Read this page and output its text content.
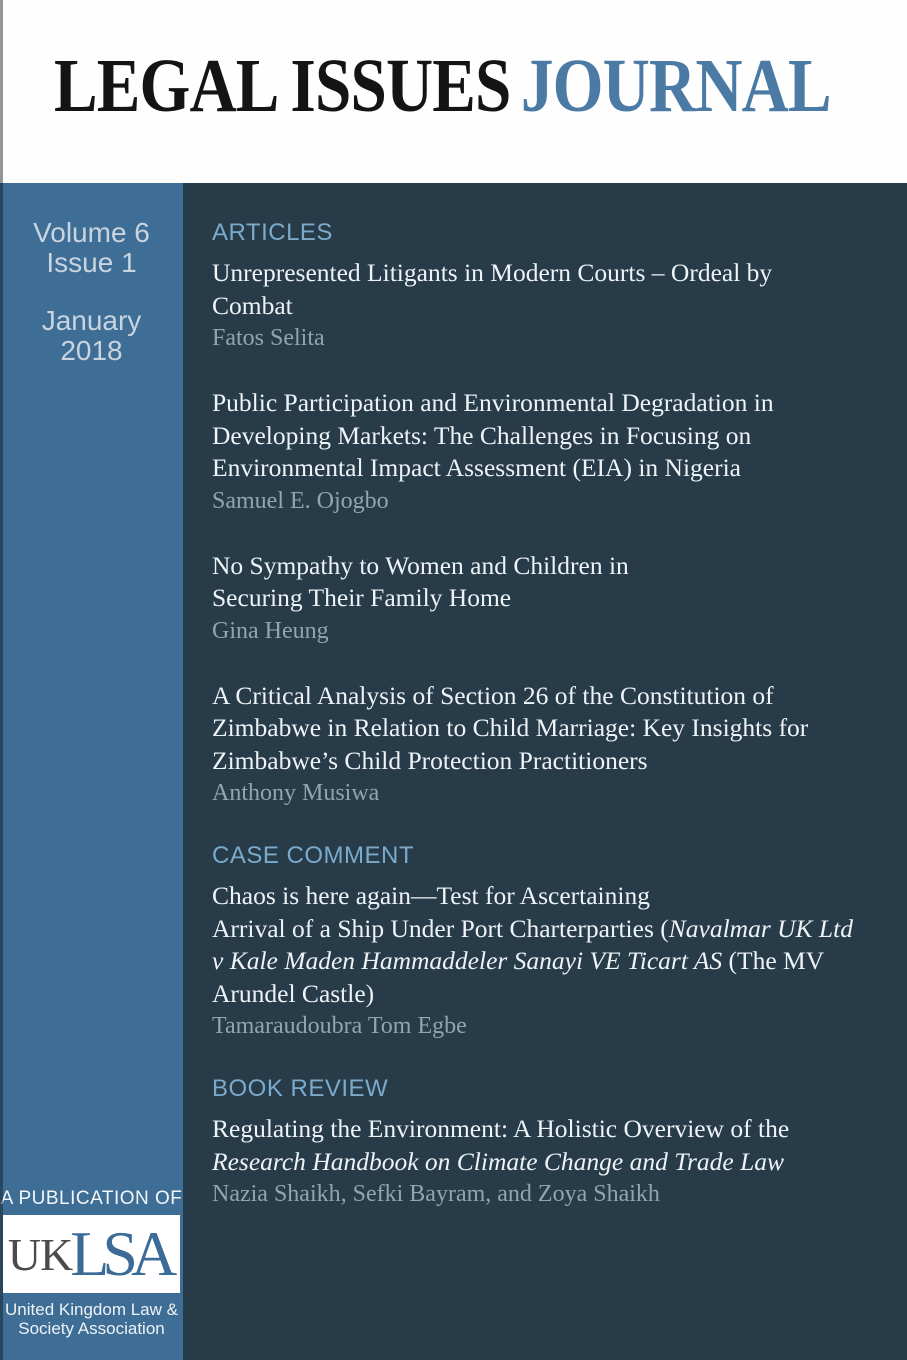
LEGAL ISSUES JOURNAL
Volume 6
Issue 1
January
2018
A PUBLICATION OF
UK
LSA
United Kingdom Law &
Society Association
ARTICLES
Unrepresented Litigants in Modern Courts – Ordeal by
Combat
Fatos Selita
Public Participation and Environmental Degradation in
Developing Markets: The Challenges in Focusing on
Environmental Impact Assessment (EIA) in Nigeria
Samuel E. Ojogbo
No Sympathy to Women and Children in
Securing Their Family Home
Gina Heung
A Critical Analysis of Section 26 of the Constitution of
Zimbabwe in Relation to Child Marriage: Key Insights for
Zimbabwe’s Child Protection Practitioners
Anthony Musiwa
CASE COMMENT
Chaos is here again—Test for Ascertaining
Arrival of a Ship Under Port Charterparties (Navalmar UK Ltd
v Kale Maden Hammaddeler Sanayi VE Ticart AS (The MV
Arundel Castle)
Tamaraudoubra Tom Egbe
BOOK REVIEW
Regulating the Environment: A Holistic Overview of the
Research Handbook on Climate Change and Trade Law
Nazia Shaikh, Sefki Bayram, and Zoya Shaikh
